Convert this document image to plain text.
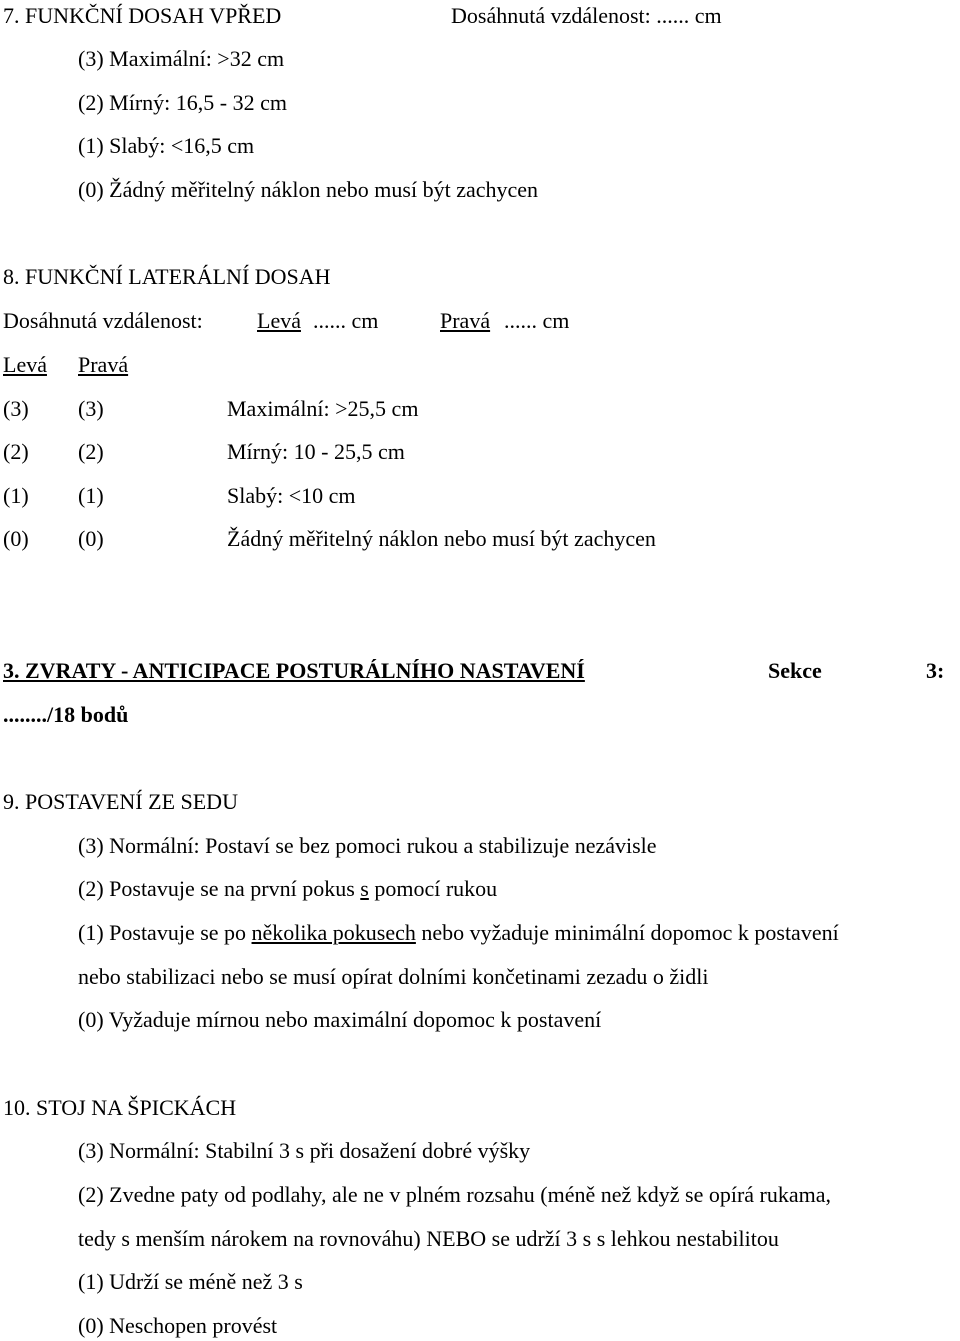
7. FUNKČNÍ DOSAH VPŘED	Dosáhnutá vzdálenost: ...... cm
(3) Maximální: >32 cm
(2) Mírný: 16,5 - 32 cm
(1) Slabý: <16,5 cm
(0) Žádný měřitelný náklon nebo musí být zachycen
8. FUNKČNÍ LATERÁLNÍ DOSAH
Dosáhnutá vzdálenost: Levá ...... cm	Pravá ...... cm
Levá Pravá
(3) (3)	Maximální: >25,5 cm
(2) (2)	Mírný: 10 - 25,5 cm
(1) (1)	Slabý: <10 cm
(0) (0)	Žádný měřitelný náklon nebo musí být zachycen
3. ZVRATY - ANTICIPACE POSTURÁLNÍHO NASTAVENÍ	Sekce	3:
......../18 bodů
9. POSTAVENÍ ZE SEDU
(3) Normální: Postaví se bez pomoci rukou a stabilizuje nezávisle
(2) Postavuje se na první pokus s pomocí rukou
(1) Postavuje se po několika pokusech nebo vyžaduje minimální dopomoc k postavení
nebo stabilizaci nebo se musí opírat dolními končetinami zezadu o židli
(0) Vyžaduje mírnou nebo maximální dopomoc k postavení
10. STOJ NA ŠPICKÁCH
(3) Normální: Stabilní 3 s při dosažení dobré výšky
(2) Zvedne paty od podlahy, ale ne v plném rozsahu (méně než když se opírá rukama,
tedy s menším nárokem na rovnováhu) NEBO se udrží 3 s s lehkou nestabilitou
(1) Udrží se méně než 3 s
(0) Neschopen provést
